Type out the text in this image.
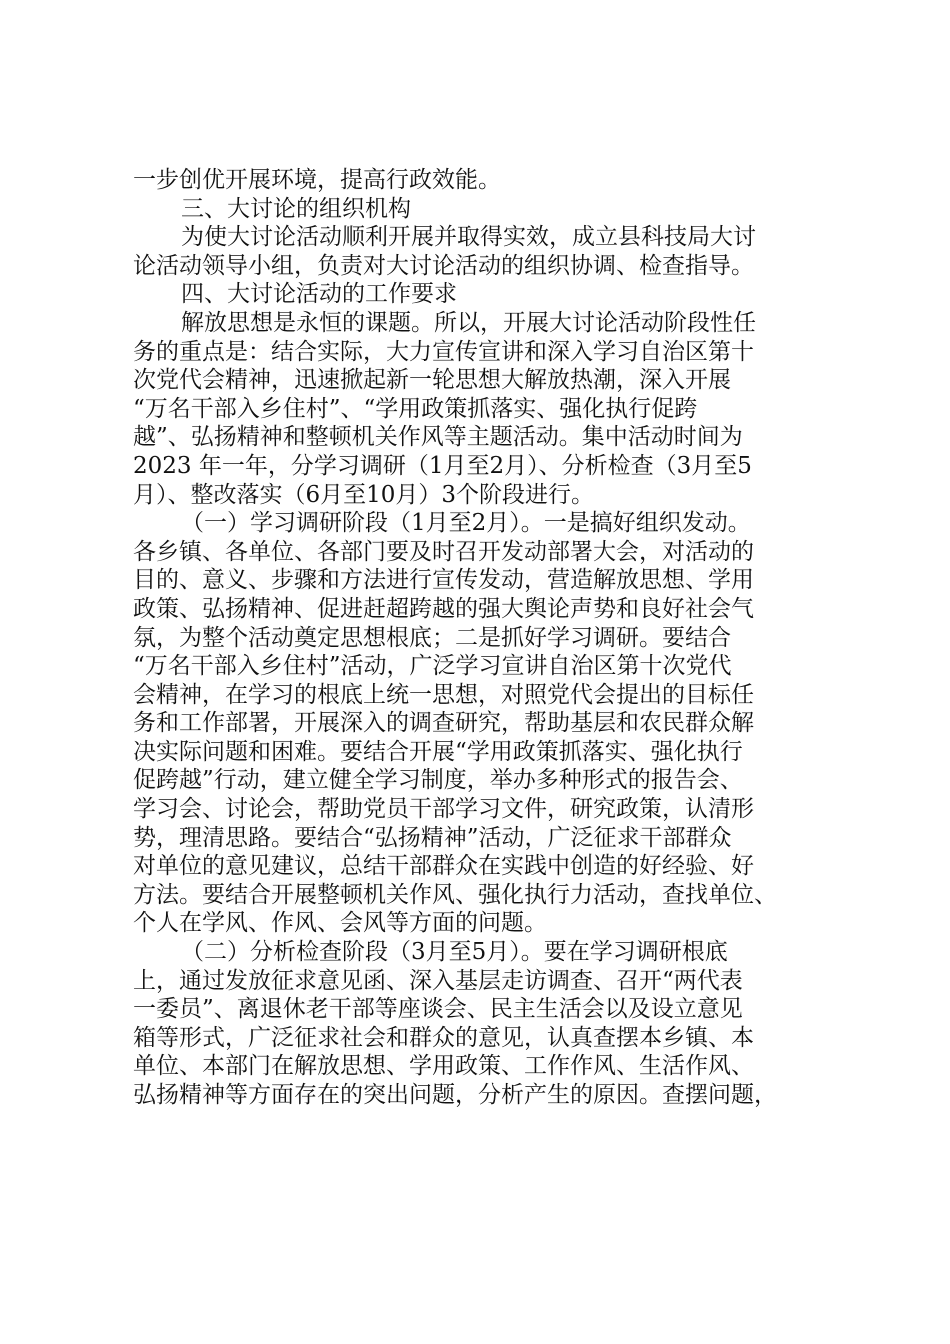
一步创优开展环境，提高行政效能。
三、大讨论的组织机构
为使大讨论活动顺利开展并取得实效，成立县科技局大讨
论活动领导小组，负责对大讨论活动的组织协调、检查指导。
四、大讨论活动的工作要求
解放思想是永恒的课题。所以，开展大讨论活动阶段性任
务的重点是：结合实际，大力宣传宣讲和深入学习自治区第十
次党代会精神，迅速掀起新一轮思想大解放热潮，深入开展
“万名干部入乡住村”、“学用政策抓落实、强化执行促跨
越”、弘扬精神和整顿机关作风等主题活动。集中活动时间为
2023 年一年，分学习调研（1月至2月）、分析检查（3月至5
月）、整改落实（6月至10月）3个阶段进行。
（一）学习调研阶段（1月至2月）。一是搞好组织发动。
各乡镇、各单位、各部门要及时召开发动部署大会，对活动的
目的、意义、步骤和方法进行宣传发动，营造解放思想、学用
政策、弘扬精神、促进赶超跨越的强大舆论声势和良好社会气
氛，为整个活动奠定思想根底；二是抓好学习调研。要结合
“万名干部入乡住村”活动，广泛学习宣讲自治区第十次党代
会精神，在学习的根底上统一思想，对照党代会提出的目标任
务和工作部署，开展深入的调查研究，帮助基层和农民群众解
决实际问题和困难。要结合开展“学用政策抓落实、强化执行
促跨越”行动，建立健全学习制度，举办多种形式的报告会、
学习会、讨论会，帮助党员干部学习文件，研究政策，认清形
势，理清思路。要结合“弘扬精神”活动，广泛征求干部群众
对单位的意见建议，总结干部群众在实践中创造的好经验、好
方法。要结合开展整顿机关作风、强化执行力活动，查找单位、
个人在学风、作风、会风等方面的问题。
（二）分析检查阶段（3月至5月）。要在学习调研根底
上，通过发放征求意见函、深入基层走访调查、召开“两代表
一委员”、离退休老干部等座谈会、民主生活会以及设立意见
箱等形式，广泛征求社会和群众的意见，认真查摆本乡镇、本
单位、本部门在解放思想、学用政策、工作作风、生活作风、
弘扬精神等方面存在的突出问题，分析产生的原因。查摆问题，
